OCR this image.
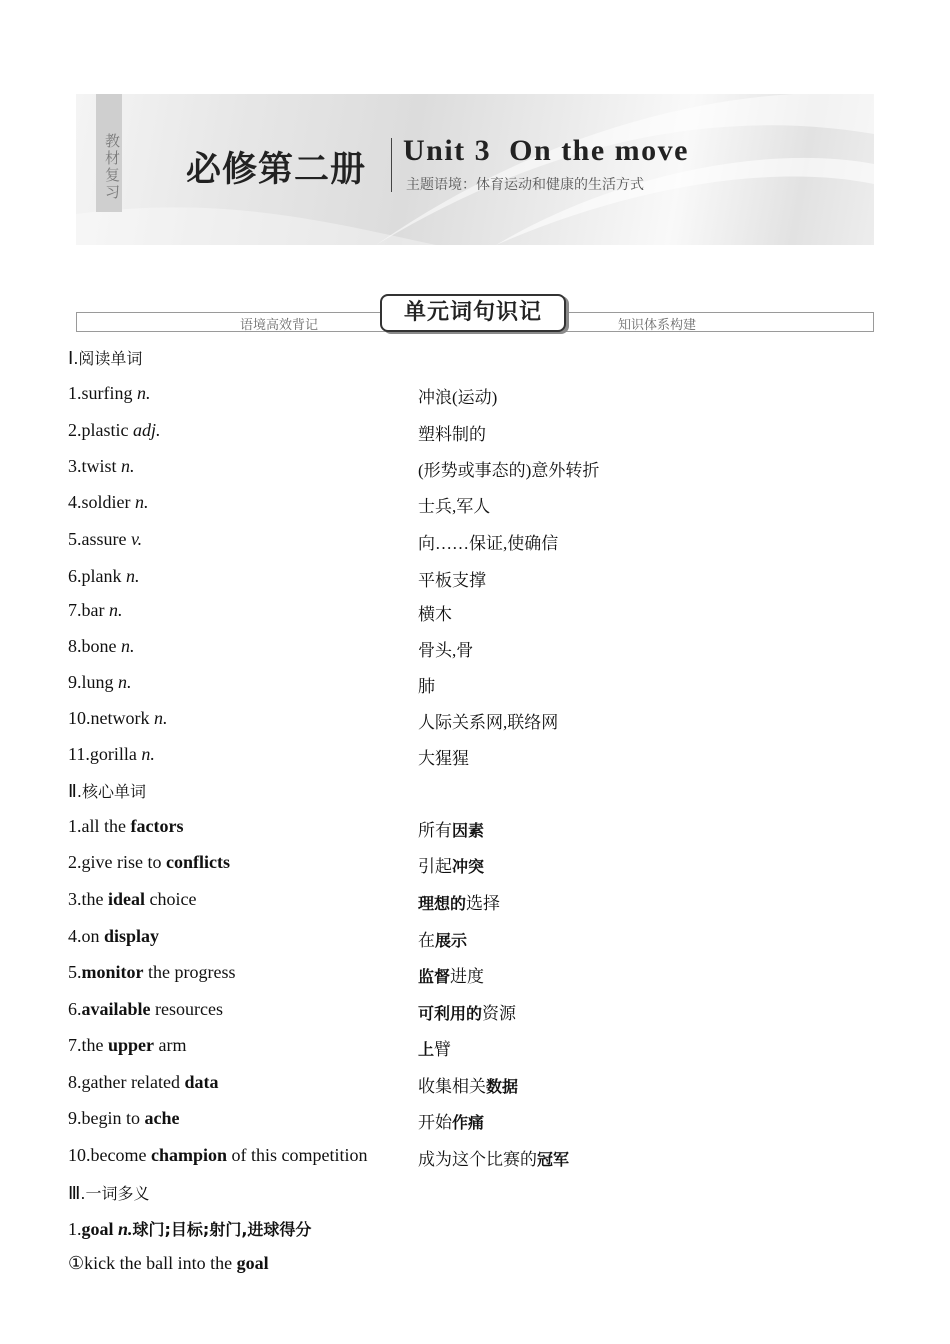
教材复习 必修第二册 Unit 3  On the move
主题语境：体育运动和健康的生活方式
语境高效背记	知识体系构建
单元词句识记
Ⅰ.阅读单词
1.surfing n.	冲浪(运动)
2.plastic adj.	塑料制的
3.twist n.	(形势或事态的)意外转折
4.soldier n.	士兵,军人
5.assure v.	向……保证,使确信
6.plank n.	平板支撑
7.bar n.	横木
8.bone n.	骨头,骨
9.lung n.	肺
10.network n.	人际关系网,联络网
11.gorilla n.	大猩猩
Ⅱ.核心单词
1.all the factors	所有因素
2.give rise to conflicts	引起冲突
3.the ideal choice	理想的选择
4.on display	在展示
5.monitor the progress	监督进度
6.available resources	可利用的资源
7.the upper arm	上臂
8.gather related data	收集相关数据
9.begin to ache	开始作痛
10.become champion of this competition	成为这个比赛的冠军
Ⅲ.一词多义
1.goal n.球门;目标;射门,进球得分
①kick the ball into the goal
